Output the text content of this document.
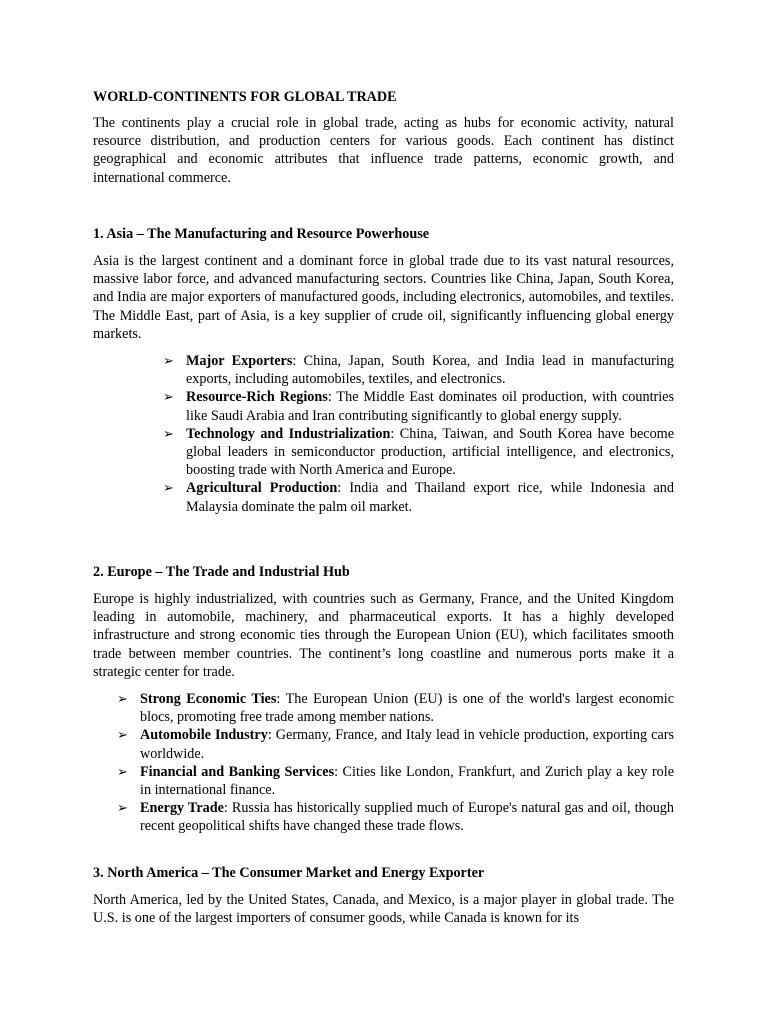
WORLD-CONTINENTS FOR GLOBAL TRADE

The continents play a crucial role in global trade, acting as hubs for economic activity, natural resource distribution, and production centers for various goods. Each continent has distinct geographical and economic attributes that influence trade patterns, economic growth, and international commerce.

1. Asia – The Manufacturing and Resource Powerhouse

Asia is the largest continent and a dominant force in global trade due to its vast natural resources, massive labor force, and advanced manufacturing sectors. Countries like China, Japan, South Korea, and India are major exporters of manufactured goods, including electronics, automobiles, and textiles. The Middle East, part of Asia, is a key supplier of crude oil, significantly influencing global energy markets.

➢ Major Exporters: China, Japan, South Korea, and India lead in manufacturing exports, including automobiles, textiles, and electronics.
➢ Resource-Rich Regions: The Middle East dominates oil production, with countries like Saudi Arabia and Iran contributing significantly to global energy supply.
➢ Technology and Industrialization: China, Taiwan, and South Korea have become global leaders in semiconductor production, artificial intelligence, and electronics, boosting trade with North America and Europe.
➢ Agricultural Production: India and Thailand export rice, while Indonesia and Malaysia dominate the palm oil market.
2. Europe – The Trade and Industrial Hub

Europe is highly industrialized, with countries such as Germany, France, and the United Kingdom leading in automobile, machinery, and pharmaceutical exports. It has a highly developed infrastructure and strong economic ties through the European Union (EU), which facilitates smooth trade between member countries. The continent’s long coastline and numerous ports make it a strategic center for trade.

➢ Strong Economic Ties: The European Union (EU) is one of the world's largest economic blocs, promoting free trade among member nations.
➢ Automobile Industry: Germany, France, and Italy lead in vehicle production, exporting cars worldwide.
➢ Financial and Banking Services: Cities like London, Frankfurt, and Zurich play a key role in international finance.
➢ Energy Trade: Russia has historically supplied much of Europe's natural gas and oil, though recent geopolitical shifts have changed these trade flows.
3. North America – The Consumer Market and Energy Exporter

North America, led by the United States, Canada, and Mexico, is a major player in global trade. The U.S. is one of the largest importers of consumer goods, while Canada is known for its
